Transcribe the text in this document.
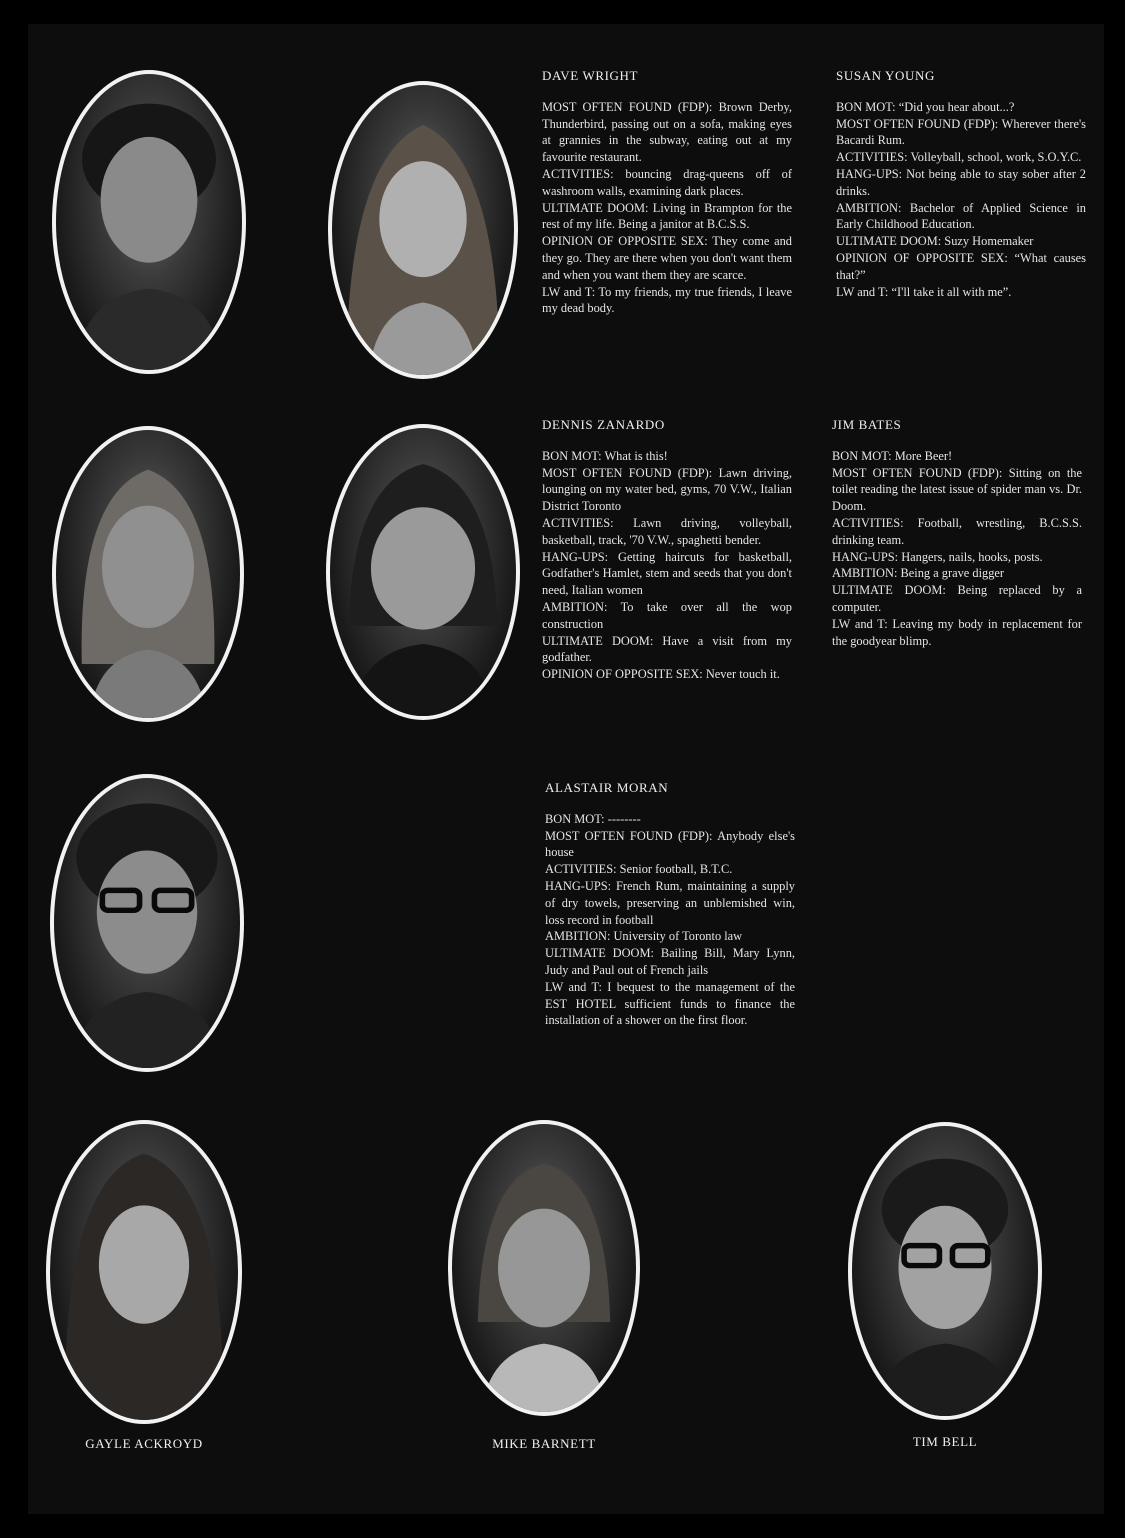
DAVE WRIGHT

MOST OFTEN FOUND (FDP): Brown Derby, Thunderbird, passing out on a sofa, making eyes at grannies in the subway, eating out at my favourite restaurant.

ACTIVITIES: bouncing drag-queens off of washroom walls, examining dark places.

ULTIMATE DOOM: Living in Brampton for the rest of my life. Being a janitor at B.C.S.S.

OPINION OF OPPOSITE SEX: They come and they go. They are there when you don't want them and when you want them they are scarce.

LW and T: To my friends, my true friends, I leave my dead body.

SUSAN YOUNG

BON MOT: “Did you hear about...?

MOST OFTEN FOUND (FDP): Wherever there's Bacardi Rum.

ACTIVITIES: Volleyball, school, work, S.O.Y.C.

HANG-UPS: Not being able to stay sober after 2 drinks.

AMBITION: Bachelor of Applied Science in Early Childhood Education.

ULTIMATE DOOM: Suzy Homemaker

OPINION OF OPPOSITE SEX: “What causes that?”

LW and T: “I'll take it all with me”.

DENNIS ZANARDO

BON MOT: What is this!

MOST OFTEN FOUND (FDP): Lawn driving, lounging on my water bed, gyms, 70 V.W., Italian District Toronto

ACTIVITIES: Lawn driving, volleyball, basketball, track, '70 V.W., spaghetti bender.

HANG-UPS: Getting haircuts for basketball, Godfather's Hamlet, stem and seeds that you don't need, Italian women

AMBITION: To take over all the wop construction

ULTIMATE DOOM: Have a visit from my godfather.

OPINION OF OPPOSITE SEX: Never touch it.

JIM BATES

BON MOT: More Beer!

MOST OFTEN FOUND (FDP): Sitting on the toilet reading the latest issue of spider man vs. Dr. Doom.

ACTIVITIES: Football, wrestling, B.C.S.S. drinking team.

HANG-UPS: Hangers, nails, hooks, posts.

AMBITION: Being a grave digger

ULTIMATE DOOM: Being replaced by a computer.

LW and T: Leaving my body in replacement for the goodyear blimp.

ALASTAIR MORAN

BON MOT: --------

MOST OFTEN FOUND (FDP): Anybody else's house

ACTIVITIES: Senior football, B.T.C.

HANG-UPS: French Rum, maintaining a supply of dry towels, preserving an unblemished win, loss record in football

AMBITION: University of Toronto law

ULTIMATE DOOM: Bailing Bill, Mary Lynn, Judy and Paul out of French jails

LW and T: I bequest to the management of the EST HOTEL sufficient funds to finance the installation of a shower on the first floor.

GAYLE ACKROYD	MIKE BARNETT	TIM BELL
